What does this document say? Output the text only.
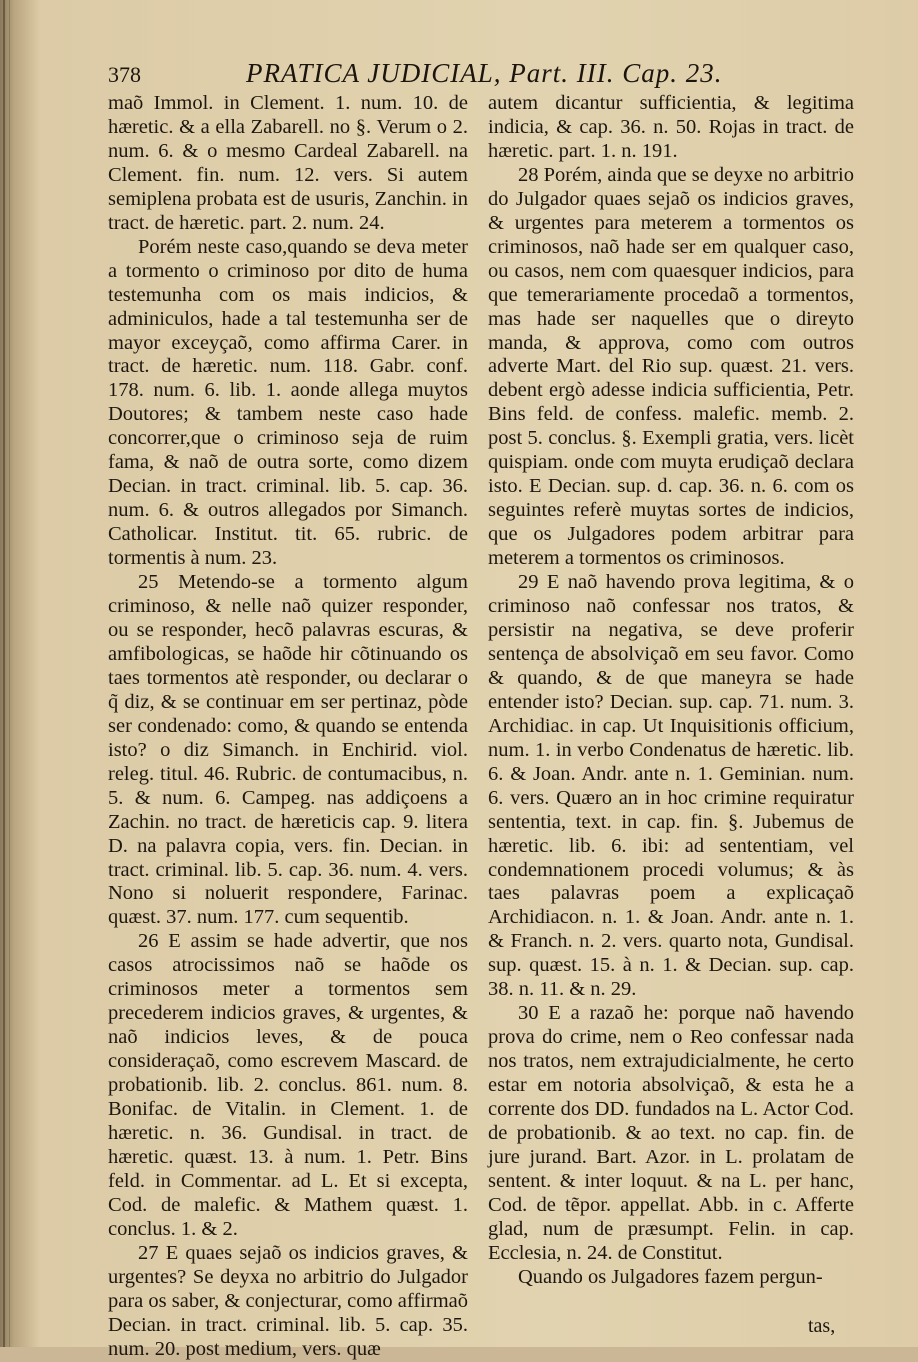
378	PRATICA JUDICIAL, Part. III. Cap. 23.

maõ Immol. in Clement. 1. num. 10. de hæretic. & a ella Zabarell. no §. Verum o 2. num. 6. & o mesmo Cardeal Zabarell. na Clement. fin. num. 12. vers. Si autem semiplena probata est de usuris, Zanchin. in tract. de hæretic. part. 2. num. 24.

Porém neste caso,quando se deva meter a tormento o criminoso por dito de huma testemunha com os mais indicios, & adminiculos, hade a tal testemunha ser de mayor exceyçaõ, como affirma Carer. in tract. de hæretic. num. 118. Gabr. conf. 178. num. 6. lib. 1. aonde allega muytos Doutores; & tambem neste caso hade concorrer,que o criminoso seja de ruim fama, & naõ de outra sorte, como dizem Decian. in tract. criminal. lib. 5. cap. 36. num. 6. & outros allegados por Simanch. Catholicar. Institut. tit. 65. rubric. de tormentis à num. 23.

25 Metendo-se a tormento algum criminoso, & nelle naõ quizer responder, ou se responder, hecõ palavras escuras, & amfibologicas, se haõde hir cõtinuando os taes tormentos atè responder, ou declarar o q̃ diz, & se continuar em ser pertinaz, pòde ser condenado: como, & quando se entenda isto? o diz Simanch. in Enchirid. viol. releg. titul. 46. Rubric. de contumacibus, n. 5. & num. 6. Campeg. nas addiçoens a Zachin. no tract. de hæreticis cap. 9. litera D. na palavra copia, vers. fin. Decian. in tract. criminal. lib. 5. cap. 36. num. 4. vers. Nono si noluerit respondere, Farinac. quæst. 37. num. 177. cum sequentib.

26 E assim se hade advertir, que nos casos atrocissimos naõ se haõde os criminosos meter a tormentos sem precederem indicios graves, & urgentes, & naõ indicios leves, & de pouca consideraçaõ, como escrevem Mascard. de probationib. lib. 2. conclus. 861. num. 8. Bonifac. de Vitalin. in Clement. 1. de hæretic. n. 36. Gundisal. in tract. de hæretic. quæst. 13. à num. 1. Petr. Bins feld. in Commentar. ad L. Et si excepta, Cod. de malefic. & Mathem quæst. 1. conclus. 1. & 2.

27 E quaes sejaõ os indicios graves, & urgentes? Se deyxa no arbitrio do Julgador para os saber, & conjecturar, como affirmaõ Decian. in tract. criminal. lib. 5. cap. 35. num. 20. post medium, vers. quæ

autem dicantur sufficientia, & legitima indicia, & cap. 36. n. 50. Rojas in tract. de hæretic. part. 1. n. 191.

28 Porém, ainda que se deyxe no arbitrio do Julgador quaes sejaõ os indicios graves, & urgentes para meterem a tormentos os criminosos, naõ hade ser em qualquer caso, ou casos, nem com quaesquer indicios, para que temerariamente procedaõ a tormentos, mas hade ser naquelles que o direyto manda, & approva, como com outros adverte Mart. del Rio sup. quæst. 21. vers. debent ergò adesse indicia sufficientia, Petr. Bins feld. de confess. malefic. memb. 2. post 5. conclus. §. Exempli gratia, vers. licèt quispiam. onde com muyta erudiçaõ declara isto. E Decian. sup. d. cap. 36. n. 6. com os seguintes referè muytas sortes de indicios, que os Julgadores podem arbitrar para meterem a tormentos os criminosos.

29 E naõ havendo prova legitima, & o criminoso naõ confessar nos tratos, & persistir na negativa, se deve proferir sentença de absolviçaõ em seu favor. Como & quando, & de que maneyra se hade entender isto? Decian. sup. cap. 71. num. 3. Archidiac. in cap. Ut Inquisitionis officium, num. 1. in verbo Condenatus de hæretic. lib. 6. & Joan. Andr. ante n. 1. Geminian. num. 6. vers. Quæro an in hoc crimine requiratur sententia, text. in cap. fin. §. Jubemus de hæretic. lib. 6. ibi: ad sententiam, vel condemnationem procedi volumus; & às taes palavras poem a explicaçaõ Archidiacon. n. 1. & Joan. Andr. ante n. 1. & Franch. n. 2. vers. quarto nota, Gundisal. sup. quæst. 15. à n. 1. & Decian. sup. cap. 38. n. 11. & n. 29.

30 E a razaõ he: porque naõ havendo prova do crime, nem o Reo confessar nada nos tratos, nem extrajudicialmente, he certo estar em notoria absolviçaõ, & esta he a corrente dos DD. fundados na L. Actor Cod. de probationib. & ao text. no cap. fin. de jure jurand. Bart. Azor. in L. prolatam de sentent. & inter loquut. & na L. per hanc, Cod. de tẽpor. appellat. Abb. in c. Afferte glad, num de præsumpt. Felin. in cap. Ecclesia, n. 24. de Constitut.

Quando os Julgadores fazem pergun-

tas,
